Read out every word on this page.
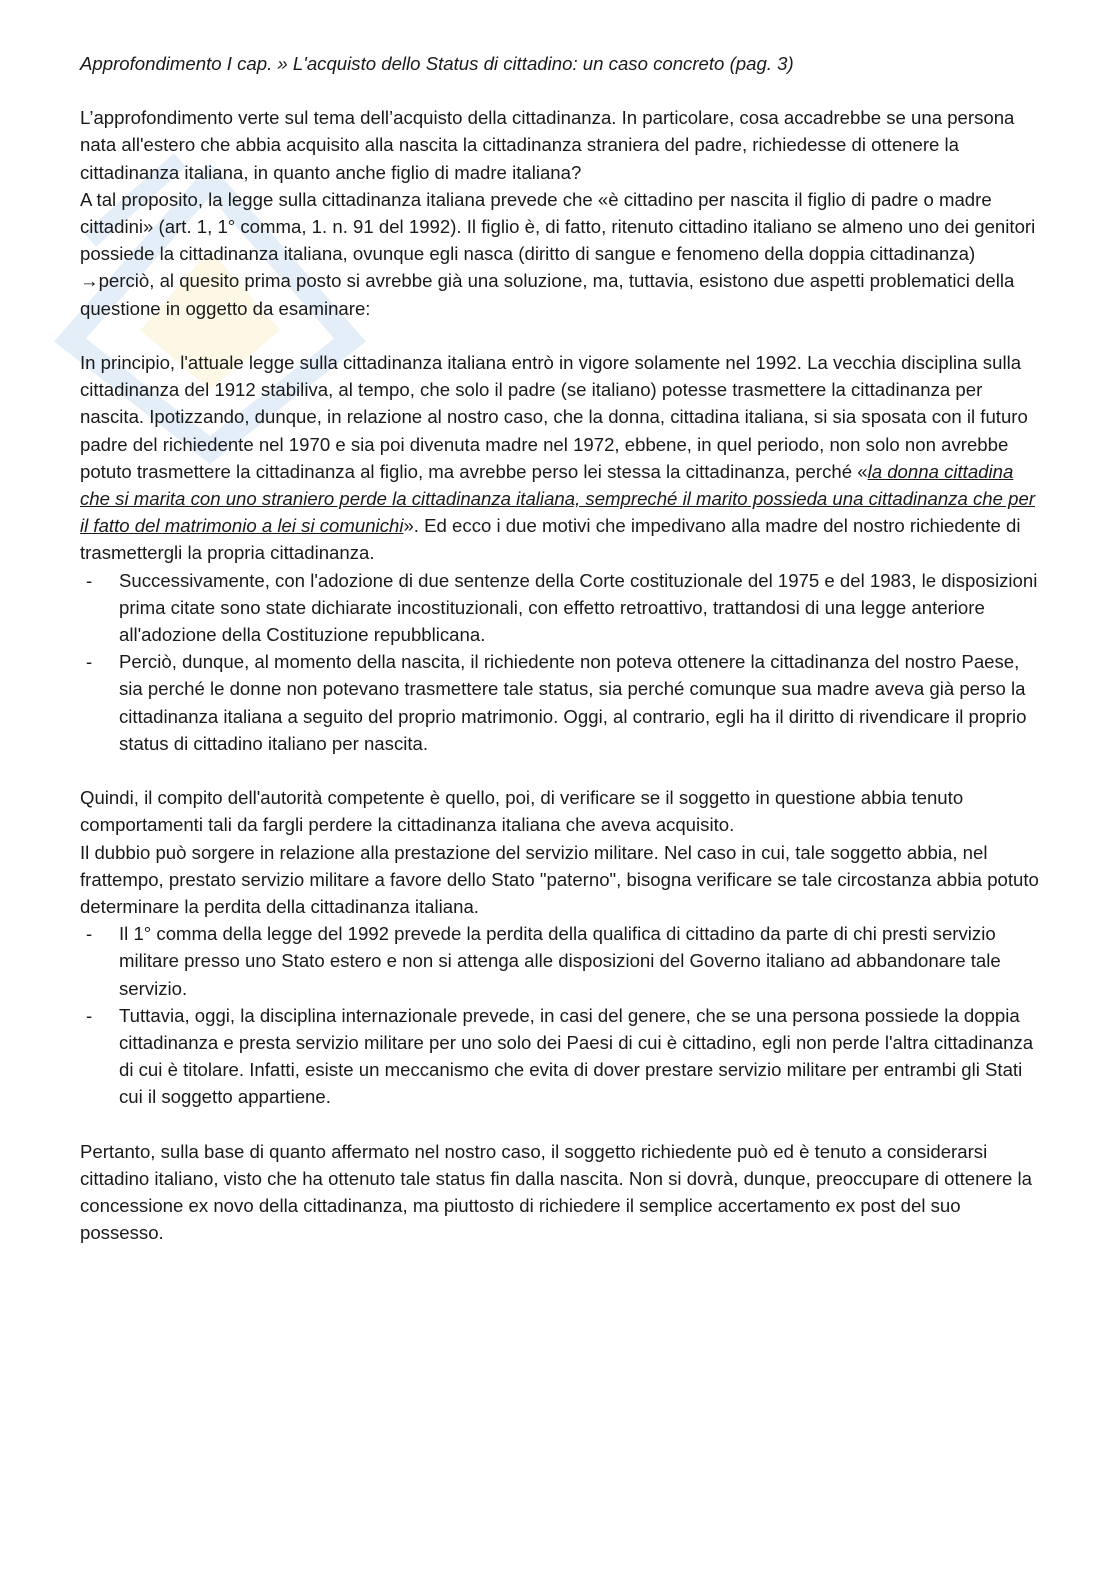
Approfondimento I cap. » L'acquisto dello Status di cittadino: un caso concreto (pag. 3)

L’approfondimento verte sul tema dell’acquisto della cittadinanza. In particolare, cosa accadrebbe se una persona nata all'estero che abbia acquisito alla nascita la cittadinanza straniera del padre, richiedesse di ottenere la cittadinanza italiana, in quanto anche figlio di madre italiana?

A tal proposito, la legge sulla cittadinanza italiana prevede che «è cittadino per nascita il figlio di padre o madre cittadini» (art. 1, 1° comma, 1. n. 91 del 1992). Il figlio è, di fatto, ritenuto cittadino italiano se almeno uno dei genitori possiede la cittadinanza italiana, ovunque egli nasca (diritto di sangue e fenomeno della doppia cittadinanza) →perciò, al quesito prima posto si avrebbe già una soluzione, ma, tuttavia, esistono due aspetti problematici della questione in oggetto da esaminare:

In principio, l'attuale legge sulla cittadinanza italiana entrò in vigore solamente nel 1992. La vecchia disciplina sulla cittadinanza del 1912 stabiliva, al tempo, che solo il padre (se italiano) potesse trasmettere la cittadinanza per nascita. Ipotizzando, dunque, in relazione al nostro caso, che la donna, cittadina italiana, si sia sposata con il futuro padre del richiedente nel 1970 e sia poi divenuta madre nel 1972, ebbene, in quel periodo, non solo non avrebbe potuto trasmettere la cittadinanza al figlio, ma avrebbe perso lei stessa la cittadinanza, perché «la donna cittadina che si marita con uno straniero perde la cittadinanza italiana, sempreché il marito possieda una cittadinanza che per il fatto del matrimonio a lei si comunichi». Ed ecco i due motivi che impedivano alla madre del nostro richiedente di trasmettergli la propria cittadinanza.

- Successivamente, con l'adozione di due sentenze della Corte costituzionale del 1975 e del 1983, le disposizioni prima citate sono state dichiarate incostituzionali, con effetto retroattivo, trattandosi di una legge anteriore all'adozione della Costituzione repubblicana.
- Perciò, dunque, al momento della nascita, il richiedente non poteva ottenere la cittadinanza del nostro Paese, sia perché le donne non potevano trasmettere tale status, sia perché comunque sua madre aveva già perso la cittadinanza italiana a seguito del proprio matrimonio. Oggi, al contrario, egli ha il diritto di rivendicare il proprio status di cittadino italiano per nascita.

Quindi, il compito dell'autorità competente è quello, poi, di verificare se il soggetto in questione abbia tenuto comportamenti tali da fargli perdere la cittadinanza italiana che aveva acquisito.

Il dubbio può sorgere in relazione alla prestazione del servizio militare. Nel caso in cui, tale soggetto abbia, nel frattempo, prestato servizio militare a favore dello Stato "paterno", bisogna verificare se tale circostanza abbia potuto determinare la perdita della cittadinanza italiana.

- Il 1° comma della legge del 1992 prevede la perdita della qualifica di cittadino da parte di chi presti servizio militare presso uno Stato estero e non si attenga alle disposizioni del Governo italiano ad abbandonare tale servizio.
- Tuttavia, oggi, la disciplina internazionale prevede, in casi del genere, che se una persona possiede la doppia cittadinanza e presta servizio militare per uno solo dei Paesi di cui è cittadino, egli non perde l'altra cittadinanza di cui è titolare. Infatti, esiste un meccanismo che evita di dover prestare servizio militare per entrambi gli Stati cui il soggetto appartiene.

Pertanto, sulla base di quanto affermato nel nostro caso, il soggetto richiedente può ed è tenuto a considerarsi cittadino italiano, visto che ha ottenuto tale status fin dalla nascita. Non si dovrà, dunque, preoccupare di ottenere la concessione ex novo della cittadinanza, ma piuttosto di richiedere il semplice accertamento ex post del suo possesso.
